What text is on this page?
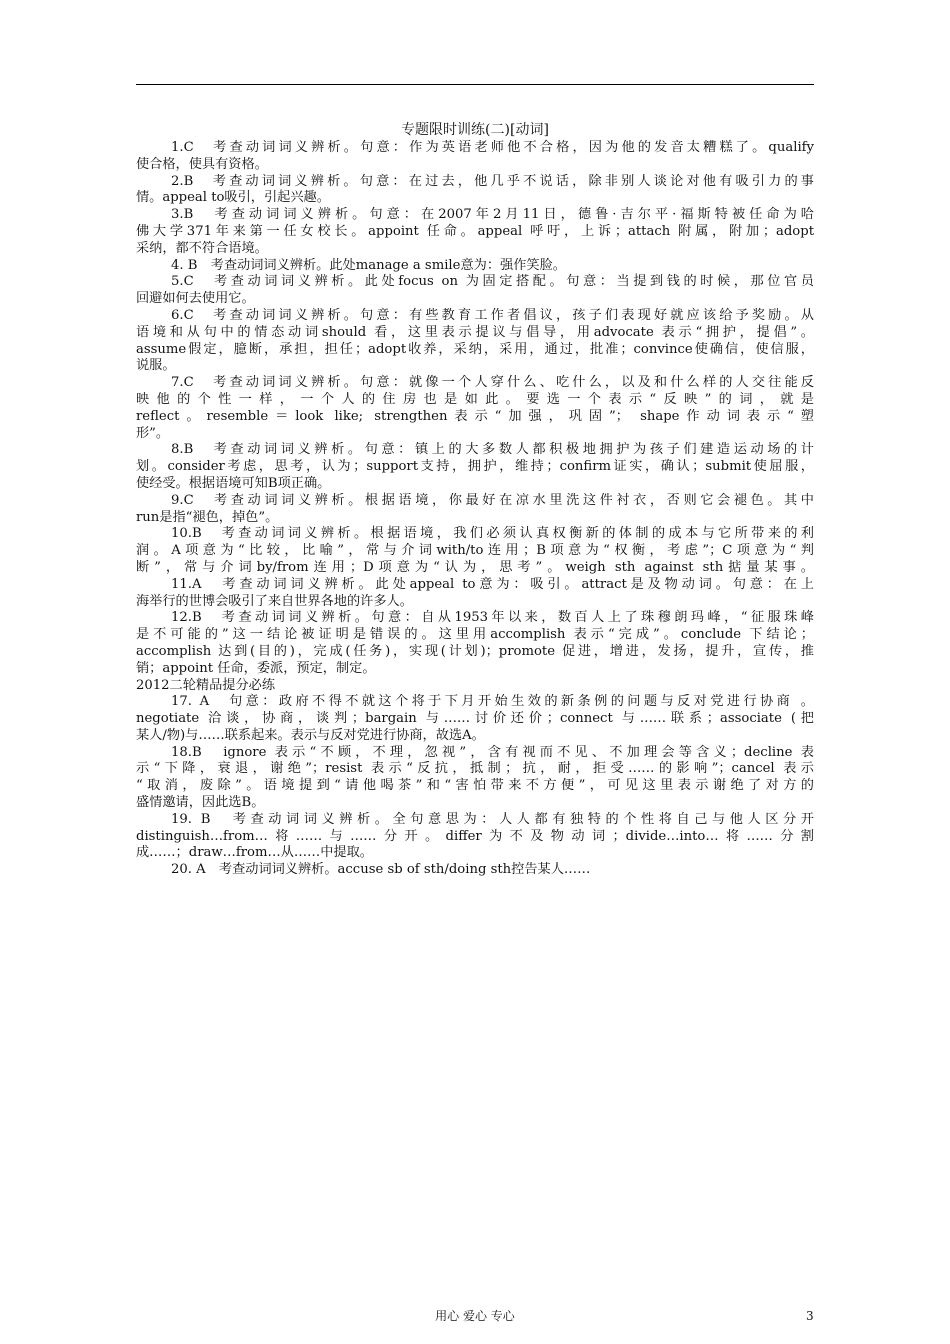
专题限时训练(二)[动词]
1.C　考查动词词义辨析。句意：作为英语老师他不合格，因为他的发音太糟糕了。qualify
使合格，使具有资格。
2.B　考查动词词义辨析。句意：在过去，他几乎不说话，除非别人谈论对他有吸引力的事
情。appeal to吸引，引起兴趣。
3.B　考查动词词义辨析。句意：在2007年2月11日，德鲁·吉尔平·福斯特被任命为哈
佛大学371年来第一任女校长。appoint 任命。appeal 呼吁，上诉；attach 附属，附加；adopt
采纳，都不符合语境。
4. B　考查动词词义辨析。此处manage a smile意为：强作笑脸。
5.C　考查动词词义辨析。此处focus on 为固定搭配。句意：当提到钱的时候，那位官员
回避如何去使用它。
6.C　考查动词词义辨析。句意：有些教育工作者倡议，孩子们表现好就应该给予奖励。从
语境和从句中的情态动词should 看，这里表示提议与倡导，用advocate 表示“拥护，提倡”。
assume假定，臆断，承担，担任；adopt收养，采纳，采用，通过，批准；convince使确信，使信服，
说服。
7.C　考查动词词义辨析。句意：就像一个人穿什么、吃什么，以及和什么样的人交往能反
映他的个性一样，一个人的住房也是如此。要选一个表示“反映”的词，就是
reflect。resemble＝look like; strengthen表示“加强，巩固”； shape作动词表示“塑
形”。
8.B　考查动词词义辨析。句意：镇上的大多数人都积极地拥护为孩子们建造运动场的计
划。consider考虑，思考，认为；support支持，拥护，维持；confirm证实，确认；submit使屈服，
使经受。根据语境可知B项正确。
9.C　考查动词词义辨析。根据语境，你最好在凉水里洗这件衬衣，否则它会褪色。其中
run是指“褪色，掉色”。
10.B　考查动词词义辨析。根据语境，我们必须认真权衡新的体制的成本与它所带来的利
润。A项意为“比较，比喻”，常与介词with/to连用；B项意为“权衡，考虑”；C项意为“判
断”，常与介词by/from连用；D项意为“认为，思考”。weigh sth against sth掂量某事。
11.A　考查动词词义辨析。此处appeal to意为：吸引。attract是及物动词。句意：在上
海举行的世博会吸引了来自世界各地的许多人。
12.B　考查动词词义辨析。句意：自从1953年以来，数百人上了珠穆朗玛峰，“征服珠峰
是不可能的”这一结论被证明是错误的。这里用accomplish 表示“完成”。conclude 下结论；
accomplish 达到(目的)，完成(任务)，实现(计划)；promote 促进，增进，发扬，提升，宣传，推
销；appoint 任命，委派，预定，制定。
2012二轮精品提分必练
17. A　句意：政府不得不就这个将于下月开始生效的新条例的问题与反对党进行协商 。
negotiate 洽谈，协商，谈判；bargain 与……讨价还价；connect 与……联系；associate (把
某人/物)与……联系起来。表示与反对党进行协商，故选A。
18.B　ignore 表示“不顾，不理，忽视”，含有视而不见、不加理会等含义；decline 表
示“下降，衰退，谢绝”；resist 表示“反抗，抵制；抗，耐，拒受……的影响”；cancel 表示
“取消，废除”。语境提到“请他喝茶”和“害怕带来不方便”，可见这里表示谢绝了对方的
盛情邀请，因此选B。
19. B　考查动词词义辨析。全句意思为：人人都有独特的个性将自己与他人区分开
distinguish…from…将……与……分开。differ为不及物动词；divide…into…将……分割
成……；draw…from…从……中提取。
20. A　考查动词词义辨析。accuse sb of sth/doing sth控告某人……
用心 爱心 专心	3
